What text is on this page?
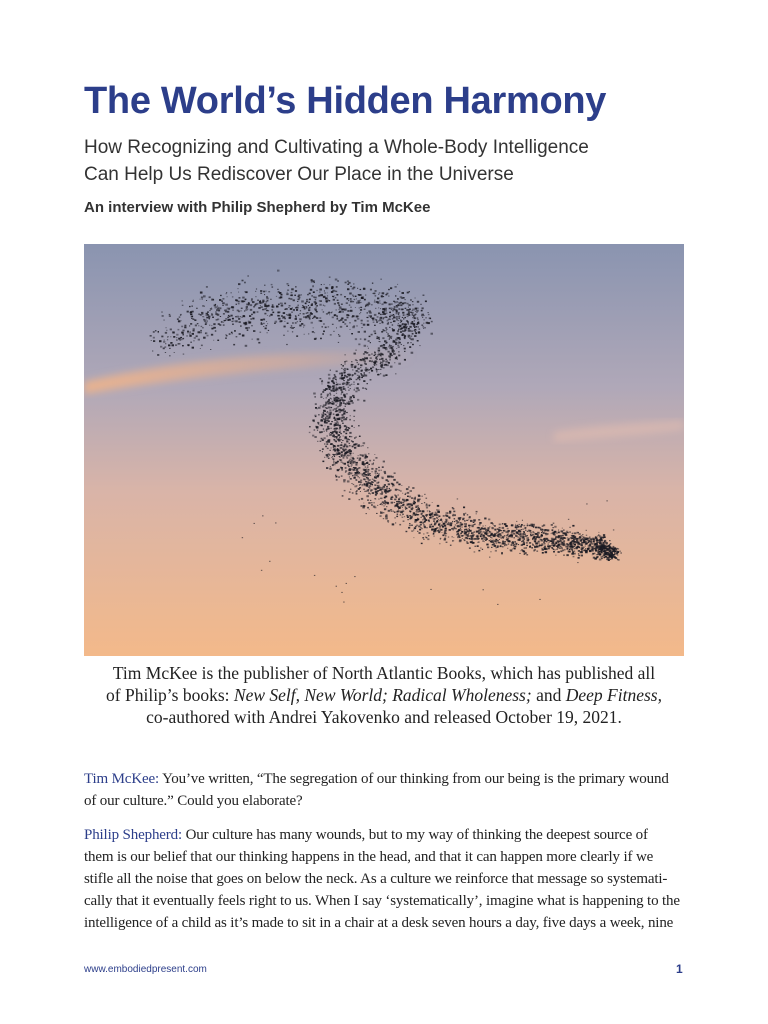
The World’s Hidden Harmony
How Recognizing and Cultivating a Whole-Body Intelligence
Can Help Us Rediscover Our Place in the Universe
An interview with Philip Shepherd by Tim McKee
Tim McKee is the publisher of North Atlantic Books, which has published all
of Philip’s books: New Self, New World; Radical Wholeness; and Deep Fitness,
co-authored with Andrei Yakovenko and released October 19, 2021.

Tim McKee: You’ve written, “The segregation of our thinking from our being is the primary wound
of our culture.” Could you elaborate?

Philip Shepherd: Our culture has many wounds, but to my way of thinking the deepest source of
them is our belief that our thinking happens in the head, and that it can happen more clearly if we
stifle all the noise that goes on below the neck. As a culture we reinforce that message so systemati-
cally that it eventually feels right to us. When I say ‘systematically’, imagine what is happening to the
intelligence of a child as it’s made to sit in a chair at a desk seven hours a day, five days a week, nine

www.embodiedpresent.com	1
